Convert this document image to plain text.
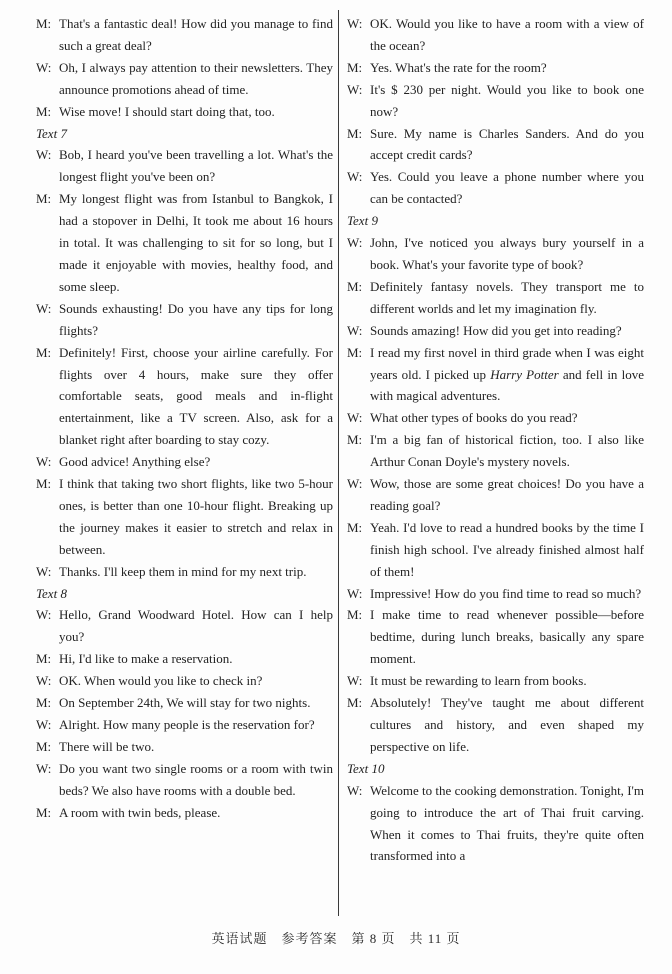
M: That's a fantastic deal! How did you manage to find such a great deal?

W: Oh, I always pay attention to their newsletters. They announce promotions ahead of time.

M: Wise move! I should start doing that, too.

Text 7

W: Bob, I heard you've been travelling a lot. What's the longest flight you've been on?

M: My longest flight was from Istanbul to Bangkok, I had a stopover in Delhi, It took me about 16 hours in total. It was challenging to sit for so long, but I made it enjoyable with movies, healthy food, and some sleep.

W: Sounds exhausting! Do you have any tips for long flights?

M: Definitely! First, choose your airline carefully. For flights over 4 hours, make sure they offer comfortable seats, good meals and in-flight entertainment, like a TV screen. Also, ask for a blanket right after boarding to stay cozy.

W: Good advice! Anything else?

M: I think that taking two short flights, like two 5-hour ones, is better than one 10-hour flight. Breaking up the journey makes it easier to stretch and relax in between.

W: Thanks. I'll keep them in mind for my next trip.

Text 8

W: Hello, Grand Woodward Hotel. How can I help you?

M: Hi, I'd like to make a reservation.

W: OK. When would you like to check in?

M: On September 24th, We will stay for two nights.

W: Alright. How many people is the reservation for?

M: There will be two.

W: Do you want two single rooms or a room with twin beds? We also have rooms with a double bed.

M: A room with twin beds, please.

W: OK. Would you like to have a room with a view of the ocean?

M: Yes. What's the rate for the room?

W: It's $ 230 per night. Would you like to book one now?

M: Sure. My name is Charles Sanders. And do you accept credit cards?

W: Yes. Could you leave a phone number where you can be contacted?

Text 9

W: John, I've noticed you always bury yourself in a book. What's your favorite type of book?

M: Definitely fantasy novels. They transport me to different worlds and let my imagination fly.

W: Sounds amazing! How did you get into reading?

M: I read my first novel in third grade when I was eight years old. I picked up Harry Potter and fell in love with magical adventures.

W: What other types of books do you read?

M: I'm a big fan of historical fiction, too. I also like Arthur Conan Doyle's mystery novels.

W: Wow, those are some great choices! Do you have a reading goal?

M: Yeah. I'd love to read a hundred books by the time I finish high school. I've already finished almost half of them!

W: Impressive! How do you find time to read so much?

M: I make time to read whenever possible—before bedtime, during lunch breaks, basically any spare moment.

W: It must be rewarding to learn from books.

M: Absolutely! They've taught me about different cultures and history, and even shaped my perspective on life.

Text 10

W: Welcome to the cooking demonstration. Tonight, I'm going to introduce the art of Thai fruit carving. When it comes to Thai fruits, they're quite often transformed into a

英语试题　参考答案　第 8 页　共 11 页
